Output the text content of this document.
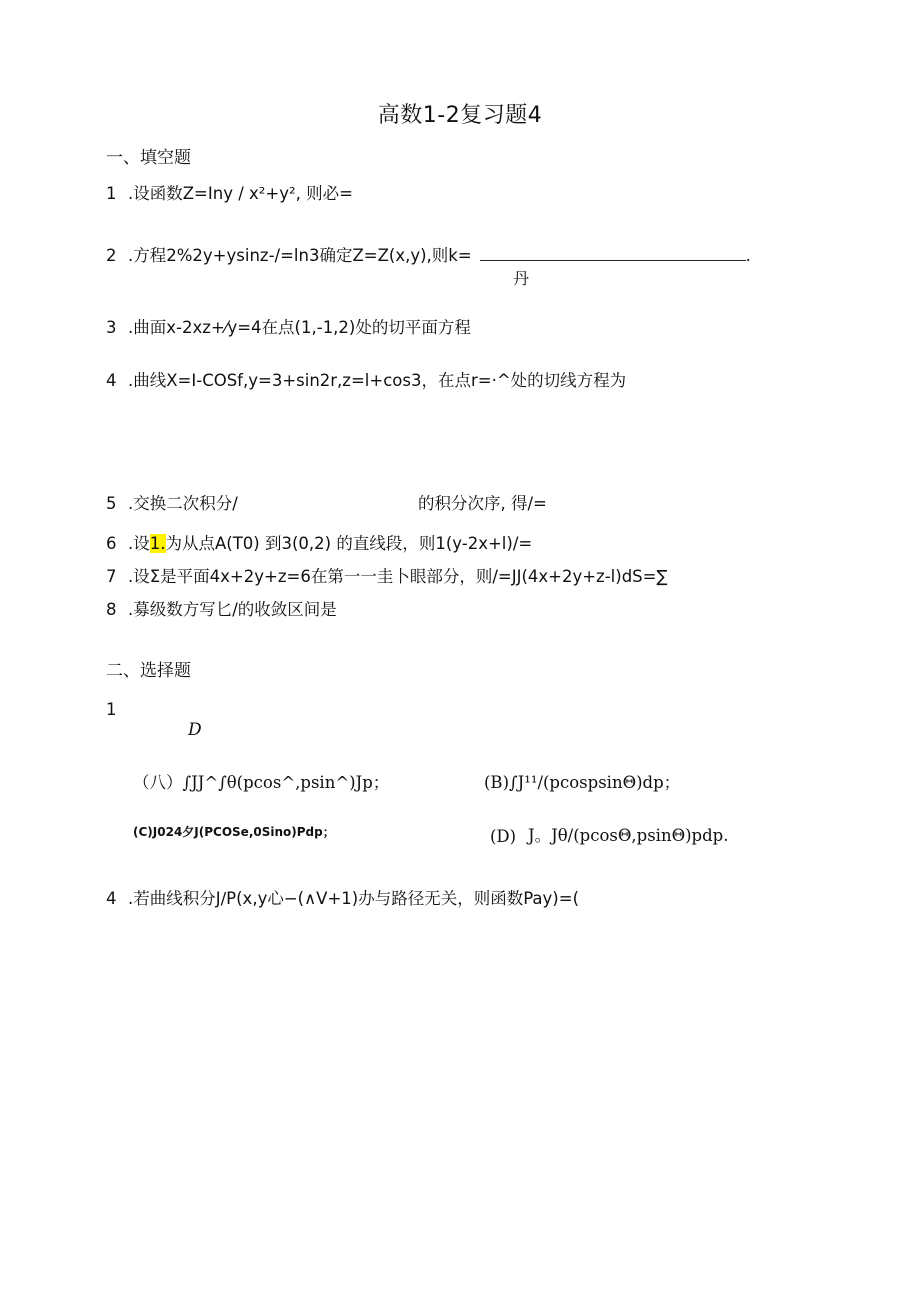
高数1-2复习题4
一、填空题
1 .设函数Z=Iny / x²+y², 则必=
2 .方程2%2y+ysinz-/=ln3确定Z=Z(x,y),则k=	.
丹
3 .曲面x-2xz+⁄y=4在点(1,-1,2)处的切平面方程
4 .曲线X=I-COSf,y=3+sin2r,z=l+cos3，在点r=·^处的切线方程为
5 .交换二次积分/	的积分次序, 得/=
6 .设1.为从点A(T0) 到3(0,2) 的直线段，则1(y-2x+l)/=
7 .设Σ是平面4x+2y+z=6在第一一圭卜眼部分，则/=JJ(4x+2y+z-l)dS=∑
8 .募级数方写匕/的收敛区间是
二、选择题
1
D
（八）∫JJ^∫θ(pcos^,psin^)Jp；	(B)∫J¹¹/(pcospsinΘ)dp；
(C)J024夕J(PCOSe,0Sino)Pdp；	(D) J。Jθ/(pcosΘ,psinΘ)pdp.
4 .若曲线积分J∕P(x,y心−(∧V+1)办与路径无关，则函数Pay)=(
